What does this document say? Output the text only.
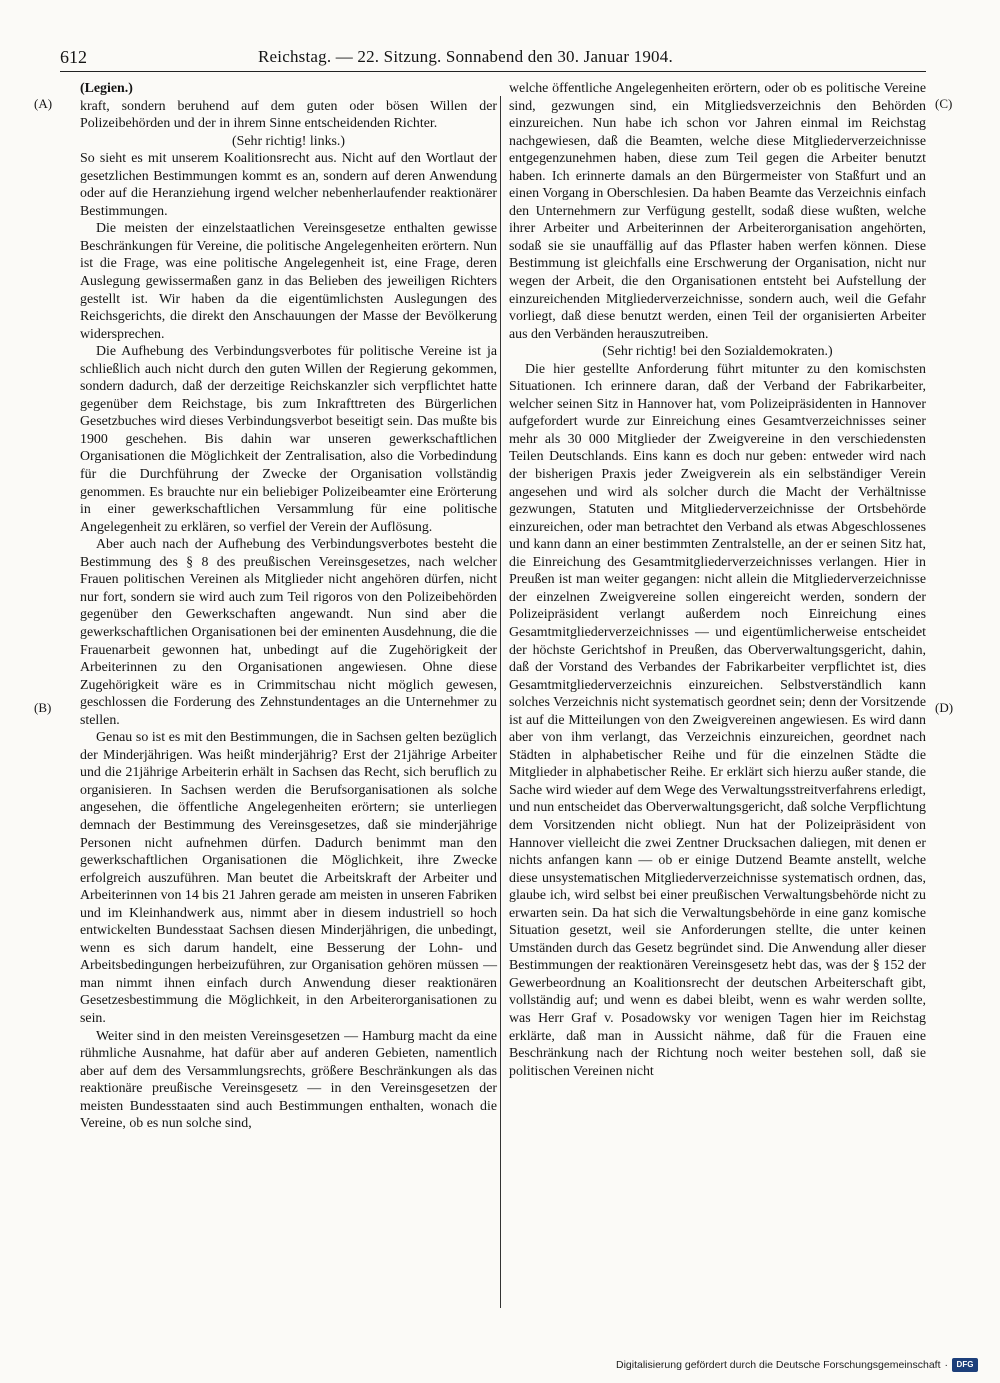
612	Reichstag. — 22. Sitzung. Sonnabend den 30. Januar 1904.
(A)
(B)
(C)
(D)

(Legien.)

kraft, sondern beruhend auf dem guten oder bösen Willen der Polizeibehörden und der in ihrem Sinne entscheidenden Richter.

(Sehr richtig! links.)

So sieht es mit unserem Koalitionsrecht aus. Nicht auf den Wortlaut der gesetzlichen Bestimmungen kommt es an, sondern auf deren Anwendung oder auf die Heranziehung irgend welcher nebenherlaufender reaktionärer Bestimmungen.

Die meisten der einzelstaatlichen Vereinsgesetze enthalten gewisse Beschränkungen für Vereine, die politische Angelegenheiten erörtern. Nun ist die Frage, was eine politische Angelegenheit ist, eine Frage, deren Auslegung gewissermaßen ganz in das Belieben des jeweiligen Richters gestellt ist. Wir haben da die eigentümlichsten Auslegungen des Reichsgerichts, die direkt den Anschauungen der Masse der Bevölkerung widersprechen.

Die Aufhebung des Verbindungsverbotes für politische Vereine ist ja schließlich auch nicht durch den guten Willen der Regierung gekommen, sondern dadurch, daß der derzeitige Reichskanzler sich verpflichtet hatte gegenüber dem Reichstage, bis zum Inkrafttreten des Bürgerlichen Gesetzbuches wird dieses Verbindungsverbot beseitigt sein. Das mußte bis 1900 geschehen. Bis dahin war unseren gewerkschaftlichen Organisationen die Möglichkeit der Zentralisation, also die Vorbedindung für die Durchführung der Zwecke der Organisation vollständig genommen. Es brauchte nur ein beliebiger Polizeibeamter eine Erörterung in einer gewerkschaftlichen Versammlung für eine politische Angelegenheit zu erklären, so verfiel der Verein der Auflösung.

Aber auch nach der Aufhebung des Verbindungsverbotes besteht die Bestimmung des § 8 des preußischen Vereinsgesetzes, nach welcher Frauen politischen Vereinen als Mitglieder nicht angehören dürfen, nicht nur fort, sondern sie wird auch zum Teil rigoros von den Polizeibehörden gegenüber den Gewerkschaften angewandt. Nun sind aber die gewerkschaftlichen Organisationen bei der eminenten Ausdehnung, die die Frauenarbeit gewonnen hat, unbedingt auf die Zugehörigkeit der Arbeiterinnen zu den Organisationen angewiesen. Ohne diese Zugehörigkeit wäre es in Crimmitschau nicht möglich gewesen, geschlossen die Forderung des Zehnstundentages an die Unternehmer zu stellen.

Genau so ist es mit den Bestimmungen, die in Sachsen gelten bezüglich der Minderjährigen. Was heißt minderjährig? Erst der 21jährige Arbeiter und die 21jährige Arbeiterin erhält in Sachsen das Recht, sich beruflich zu organisieren. In Sachsen werden die Berufsorganisationen als solche angesehen, die öffentliche Angelegenheiten erörtern; sie unterliegen demnach der Bestimmung des Vereinsgesetzes, daß sie minderjährige Personen nicht aufnehmen dürfen. Dadurch benimmt man den gewerkschaftlichen Organisationen die Möglichkeit, ihre Zwecke erfolgreich auszuführen. Man beutet die Arbeitskraft der Arbeiter und Arbeiterinnen von 14 bis 21 Jahren gerade am meisten in unseren Fabriken und im Kleinhandwerk aus, nimmt aber in diesem industriell so hoch entwickelten Bundesstaat Sachsen diesen Minderjährigen, die unbedingt, wenn es sich darum handelt, eine Besserung der Lohn- und Arbeitsbedingungen herbeizuführen, zur Organisation gehören müssen — man nimmt ihnen einfach durch Anwendung dieser reaktionären Gesetzesbestimmung die Möglichkeit, in den Arbeiterorganisationen zu sein.

Weiter sind in den meisten Vereinsgesetzen — Hamburg macht da eine rühmliche Ausnahme, hat dafür aber auf anderen Gebieten, namentlich aber auf dem des Versammlungsrechts, größere Beschränkungen als das reaktionäre preußische Vereinsgesetz — in den Vereinsgesetzen der meisten Bundesstaaten sind auch Bestimmungen enthalten, wonach die Vereine, ob es nun solche sind,

welche öffentliche Angelegenheiten erörtern, oder ob es politische Vereine sind, gezwungen sind, ein Mitgliedsverzeichnis den Behörden einzureichen. Nun habe ich schon vor Jahren einmal im Reichstag nachgewiesen, daß die Beamten, welche diese Mitgliederverzeichnisse entgegenzunehmen haben, diese zum Teil gegen die Arbeiter benutzt haben. Ich erinnerte damals an den Bürgermeister von Staßfurt und an einen Vorgang in Oberschlesien. Da haben Beamte das Verzeichnis einfach den Unternehmern zur Verfügung gestellt, sodaß diese wußten, welche ihrer Arbeiter und Arbeiterinnen der Arbeiterorganisation angehörten, sodaß sie sie unauffällig auf das Pflaster haben werfen können. Diese Bestimmung ist gleichfalls eine Erschwerung der Organisation, nicht nur wegen der Arbeit, die den Organisationen entsteht bei Aufstellung der einzureichenden Mitgliederverzeichnisse, sondern auch, weil die Gefahr vorliegt, daß diese benutzt werden, einen Teil der organisierten Arbeiter aus den Verbänden herauszutreiben.

(Sehr richtig! bei den Sozialdemokraten.)

Die hier gestellte Anforderung führt mitunter zu den komischsten Situationen. Ich erinnere daran, daß der Verband der Fabrikarbeiter, welcher seinen Sitz in Hannover hat, vom Polizeipräsidenten in Hannover aufgefordert wurde zur Einreichung eines Gesamtverzeichnisses seiner mehr als 30 000 Mitglieder der Zweigvereine in den verschiedensten Teilen Deutschlands. Eins kann es doch nur geben: entweder wird nach der bisherigen Praxis jeder Zweigverein als ein selbständiger Verein angesehen und wird als solcher durch die Macht der Verhältnisse gezwungen, Statuten und Mitgliederverzeichnisse der Ortsbehörde einzureichen, oder man betrachtet den Verband als etwas Abgeschlossenes und kann dann an einer bestimmten Zentralstelle, an der er seinen Sitz hat, die Einreichung des Gesamtmitgliederverzeichnisses verlangen. Hier in Preußen ist man weiter gegangen: nicht allein die Mitgliederverzeichnisse der einzelnen Zweigvereine sollen eingereicht werden, sondern der Polizeipräsident verlangt außerdem noch Einreichung eines Gesamtmitgliederverzeichnisses — und eigentümlicherweise entscheidet der höchste Gerichtshof in Preußen, das Oberverwaltungsgericht, dahin, daß der Vorstand des Verbandes der Fabrikarbeiter verpflichtet ist, dies Gesamtmitgliederverzeichnis einzureichen. Selbstverständlich kann solches Verzeichnis nicht systematisch geordnet sein; denn der Vorsitzende ist auf die Mitteilungen von den Zweigvereinen angewiesen. Es wird dann aber von ihm verlangt, das Verzeichnis einzureichen, geordnet nach Städten in alphabetischer Reihe und für die einzelnen Städte die Mitglieder in alphabetischer Reihe. Er erklärt sich hierzu außer stande, die Sache wird wieder auf dem Wege des Verwaltungsstreitverfahrens erledigt, und nun entscheidet das Oberverwaltungsgericht, daß solche Verpflichtung dem Vorsitzenden nicht obliegt. Nun hat der Polizeipräsident von Hannover vielleicht die zwei Zentner Drucksachen daliegen, mit denen er nichts anfangen kann — ob er einige Dutzend Beamte anstellt, welche diese unsystematischen Mitgliederverzeichnisse systematisch ordnen, das, glaube ich, wird selbst bei einer preußischen Verwaltungsbehörde nicht zu erwarten sein. Da hat sich die Verwaltungsbehörde in eine ganz komische Situation gesetzt, weil sie Anforderungen stellte, die unter keinen Umständen durch das Gesetz begründet sind. Die Anwendung aller dieser Bestimmungen der reaktionären Vereinsgesetz hebt das, was der § 152 der Gewerbeordnung an Koalitionsrecht der deutschen Arbeiterschaft gibt, vollständig auf; und wenn es dabei bleibt, wenn es wahr werden sollte, was Herr Graf v. Posadowsky vor wenigen Tagen hier im Reichstag erklärte, daß man in Aussicht nähme, daß für die Frauen eine Beschränkung nach der Richtung noch weiter bestehen soll, daß sie politischen Vereinen nicht

Digitalisierung gefördert durch die Deutsche Forschungsgemeinschaft ·	DFG
